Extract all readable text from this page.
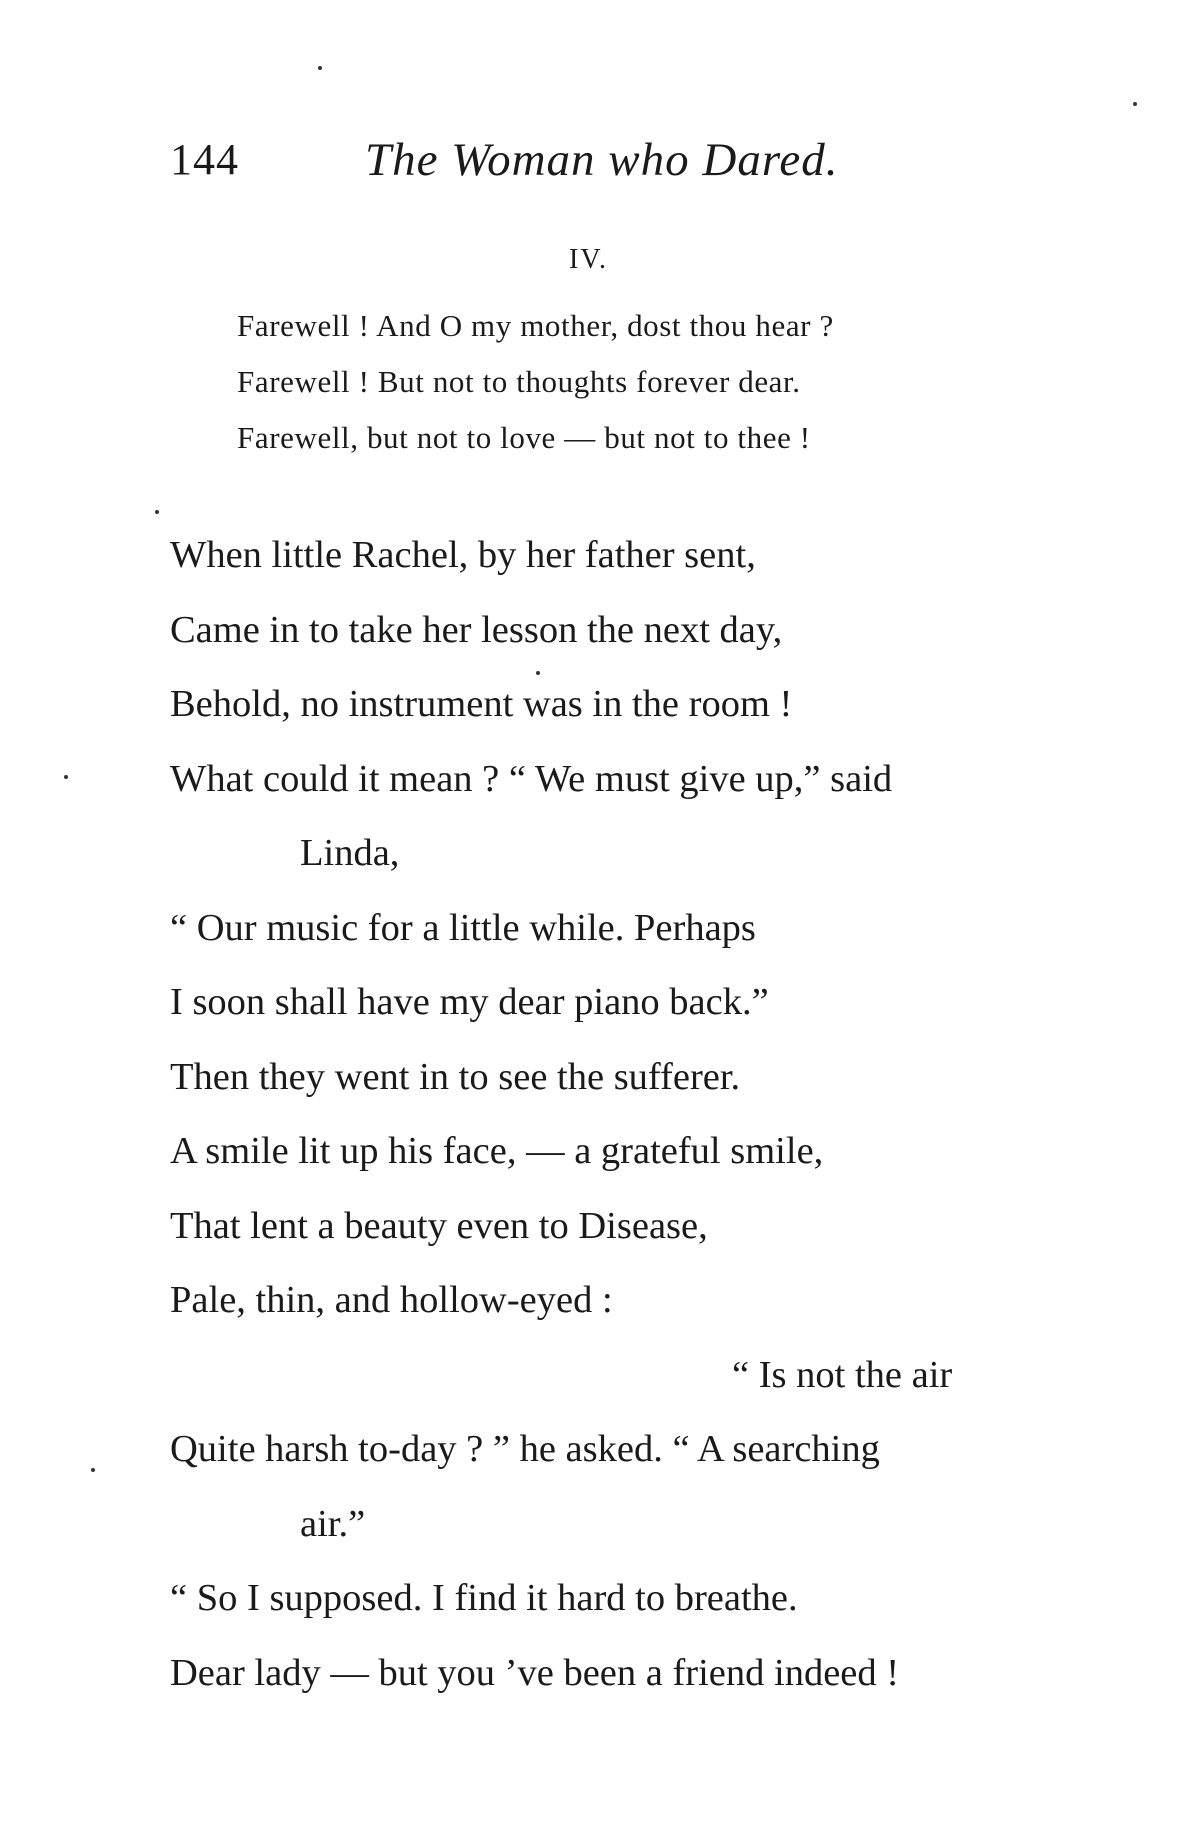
144	The Woman who Dared.
IV.
Farewell ! And O my mother, dost thou hear ?
Farewell ! But not to thoughts forever dear.
Farewell, but not to love — but not to thee !
When little Rachel, by her father sent,
Came in to take her lesson the next day,
Behold, no instrument was in the room !
What could it mean ? “ We must give up,” said
Linda,
“ Our music for a little while. Perhaps
I soon shall have my dear piano back.”
Then they went in to see the sufferer.
A smile lit up his face, — a grateful smile,
That lent a beauty even to Disease,
Pale, thin, and hollow-eyed :
“ Is not the air
Quite harsh to-day ? ” he asked. “ A searching
air.”
“ So I supposed. I find it hard to breathe.
Dear lady — but you ’ve been a friend indeed !
